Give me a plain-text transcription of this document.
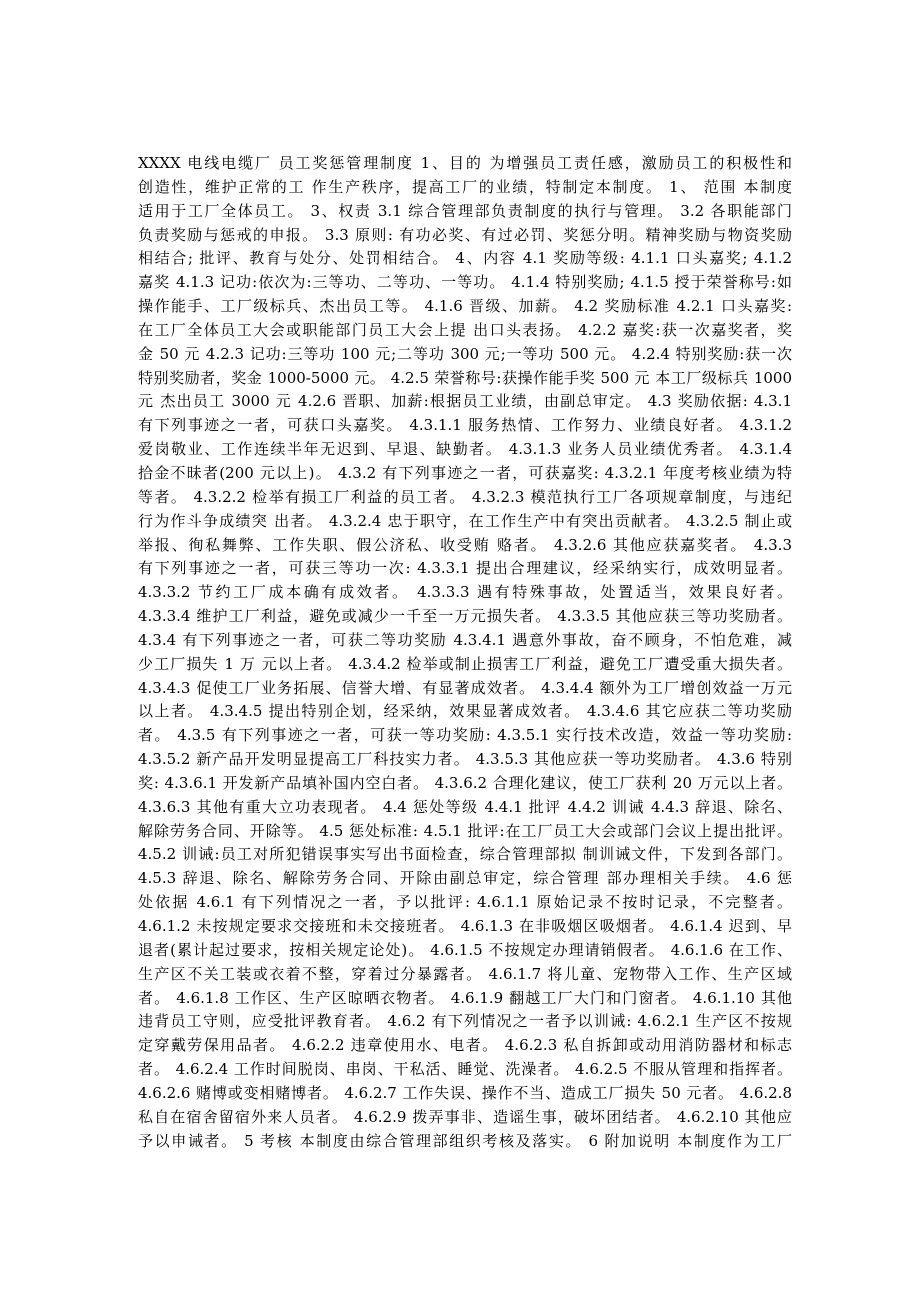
XXXX 电线电缆厂 员工奖惩管理制度 1、目的 为增强员工责任感，激励员工的积极性和
创造性，维护正常的工 作生产秩序，提高工厂的业绩，特制定本制度。 1、 范围 本制度
适用于工厂全体员工。 3、权责 3.1 综合管理部负责制度的执行与管理。 3.2 各职能部门
负责奖励与惩戒的申报。 3.3 原则: 有功必奖、有过必罚、奖惩分明。精神奖励与物资奖励
相结合; 批评、教育与处分、处罚相结合。 4、内容 4.1 奖励等级: 4.1.1 口头嘉奖; 4.1.2
嘉奖 4.1.3 记功:依次为:三等功、二等功、一等功。 4.1.4 特别奖励; 4.1.5 授于荣誉称号:如
操作能手、工厂级标兵、杰出员工等。 4.1.6 晋级、加薪。 4.2 奖励标准 4.2.1 口头嘉奖:
在工厂全体员工大会或职能部门员工大会上提 出口头表扬。 4.2.2 嘉奖:获一次嘉奖者，奖
金 50 元 4.2.3 记功:三等功 100 元;二等功 300 元;一等功 500 元。 4.2.4 特别奖励:获一次
特别奖励者，奖金 1000-5000 元。 4.2.5 荣誉称号:获操作能手奖 500 元 本工厂级标兵 1000
元 杰出员工 3000 元 4.2.6 晋职、加薪:根据员工业绩，由副总审定。 4.3 奖励依据: 4.3.1
有下列事迹之一者，可获口头嘉奖。 4.3.1.1 服务热情、工作努力、业绩良好者。 4.3.1.2
爱岗敬业、工作连续半年无迟到、早退、缺勤者。 4.3.1.3 业务人员业绩优秀者。 4.3.1.4
拾金不昧者(200 元以上)。 4.3.2 有下列事迹之一者，可获嘉奖: 4.3.2.1 年度考核业绩为特
等者。 4.3.2.2 检举有损工厂利益的员工者。 4.3.2.3 模范执行工厂各项规章制度，与违纪
行为作斗争成绩突 出者。 4.3.2.4 忠于职守，在工作生产中有突出贡献者。 4.3.2.5 制止或
举报、徇私舞弊、工作失职、假公济私、收受贿 赂者。 4.3.2.6 其他应获嘉奖者。 4.3.3
有下列事迹之一者，可获三等功一次: 4.3.3.1 提出合理建议，经采纳实行，成效明显者。
4.3.3.2 节约工厂成本确有成效者。 4.3.3.3 遇有特殊事故，处置适当，效果良好者。
4.3.3.4 维护工厂利益，避免或减少一千至一万元损失者。 4.3.3.5 其他应获三等功奖励者。
4.3.4 有下列事迹之一者，可获二等功奖励 4.3.4.1 遇意外事故，奋不顾身，不怕危难，减
少工厂损失 1 万 元以上者。 4.3.4.2 检举或制止损害工厂利益，避免工厂遭受重大损失者。
4.3.4.3 促使工厂业务拓展、信誉大增、有显著成效者。 4.3.4.4 额外为工厂增创效益一万元
以上者。 4.3.4.5 提出特别企划，经采纳，效果显著成效者。 4.3.4.6 其它应获二等功奖励
者。 4.3.5 有下列事迹之一者，可获一等功奖励: 4.3.5.1 实行技术改造，效益一等功奖励:
4.3.5.2 新产品开发明显提高工厂科技实力者。 4.3.5.3 其他应获一等功奖励者。 4.3.6 特别
奖: 4.3.6.1 开发新产品填补国内空白者。 4.3.6.2 合理化建议，使工厂获利 20 万元以上者。
4.3.6.3 其他有重大立功表现者。 4.4 惩处等级 4.4.1 批评 4.4.2 训诫 4.4.3 辞退、除名、
解除劳务合同、开除等。 4.5 惩处标准: 4.5.1 批评:在工厂员工大会或部门会议上提出批评。
4.5.2 训诫:员工对所犯错误事实写出书面检查，综合管理部拟 制训诫文件，下发到各部门。
4.5.3 辞退、除名、解除劳务合同、开除由副总审定，综合管理 部办理相关手续。 4.6 惩
处依据 4.6.1 有下列情况之一者，予以批评: 4.6.1.1 原始记录不按时记录，不完整者。
4.6.1.2 未按规定要求交接班和未交接班者。 4.6.1.3 在非吸烟区吸烟者。 4.6.1.4 迟到、早
退者(累计起过要求，按相关规定论处)。 4.6.1.5 不按规定办理请销假者。 4.6.1.6 在工作、
生产区不关工装或衣着不整，穿着过分暴露者。 4.6.1.7 将儿童、宠物带入工作、生产区域
者。 4.6.1.8 工作区、生产区晾晒衣物者。 4.6.1.9 翻越工厂大门和门窗者。 4.6.1.10 其他
违背员工守则，应受批评教育者。 4.6.2 有下列情况之一者予以训诫: 4.6.2.1 生产区不按规
定穿戴劳保用品者。 4.6.2.2 违章使用水、电者。 4.6.2.3 私自拆卸或动用消防器材和标志
者。 4.6.2.4 工作时间脱岗、串岗、干私活、睡觉、洗澡者。 4.6.2.5 不服从管理和指挥者。
4.6.2.6 赌博或变相赌博者。 4.6.2.7 工作失误、操作不当、造成工厂损失 50 元者。 4.6.2.8
私自在宿舍留宿外来人员者。 4.6.2.9 拨弄事非、造谣生事，破坏团结者。 4.6.2.10 其他应
予以申诫者。 5 考核 本制度由综合管理部组织考核及落实。 6 附加说明 本制度作为工厂
